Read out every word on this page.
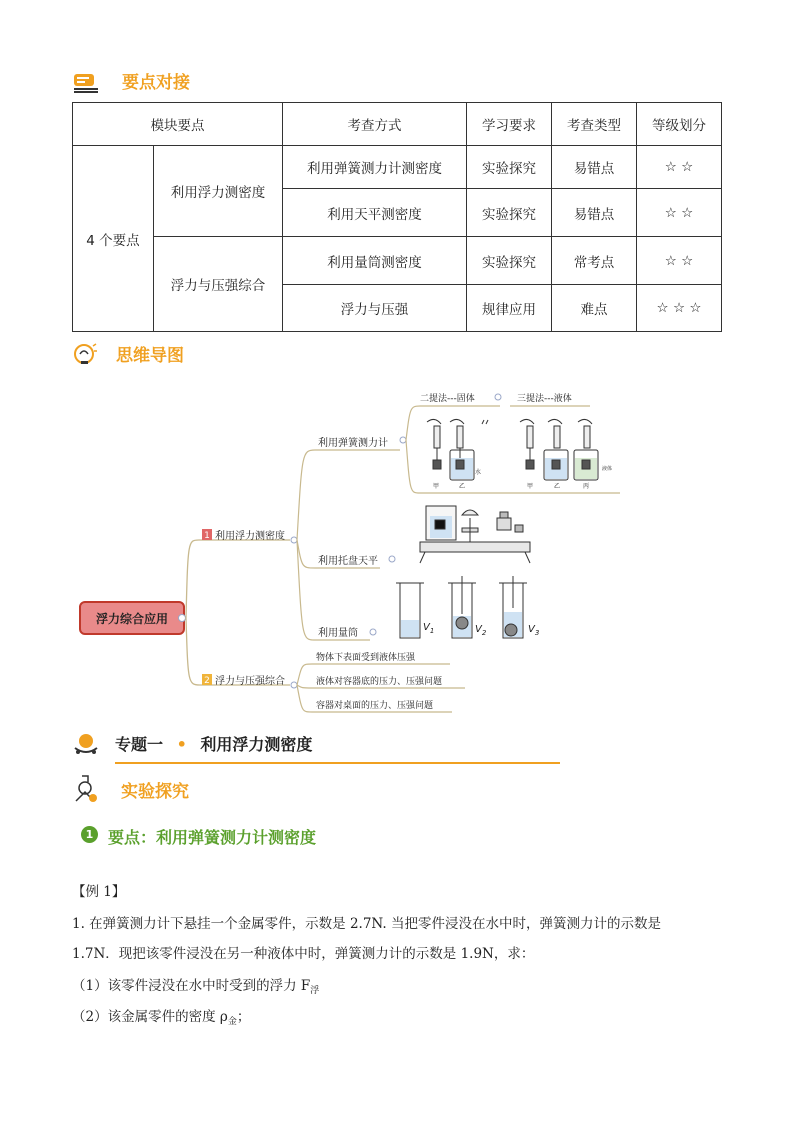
要点对接
模块要点		考查方式	学习要求	考查类型	等级划分
4 个要点	利用浮力测密度	利用弹簧测力计测密度	实验探究	易错点	☆ ☆
		利用天平测密度	实验探究	易错点	☆ ☆
	浮力与压强综合	利用量筒测密度	实验探究	常考点	☆ ☆
		浮力与压强	规律应用	难点	☆ ☆ ☆
思维导图
浮力综合应用
1 利用浮力测密度
利用弹簧测力计
利用托盘天平
利用量筒
二提法---固体	三提法---液体
甲	乙
水
甲	乙	丙
液体
$V_1$	$V_2$	$V_3$
2 浮力与压强综合
物体下表面受到液体压强
液体对容器底的压力、压强问题
容器对桌面的压力、压强问题
专题一 • 利用浮力测密度
实验探究
1 要点：利用弹簧测力计测密度
【例 1】
1. 在弹簧测力计下悬挂一个金属零件，示数是 2.7N. 当把零件浸没在水中时，弹簧测力计的示数是
1.7N．现把该零件浸没在另一种液体中时，弹簧测力计的示数是 1.9N，求：
（1）该零件浸没在水中时受到的浮力 $F_浮$
（2）该金属零件的密度 $\rho_金$；
